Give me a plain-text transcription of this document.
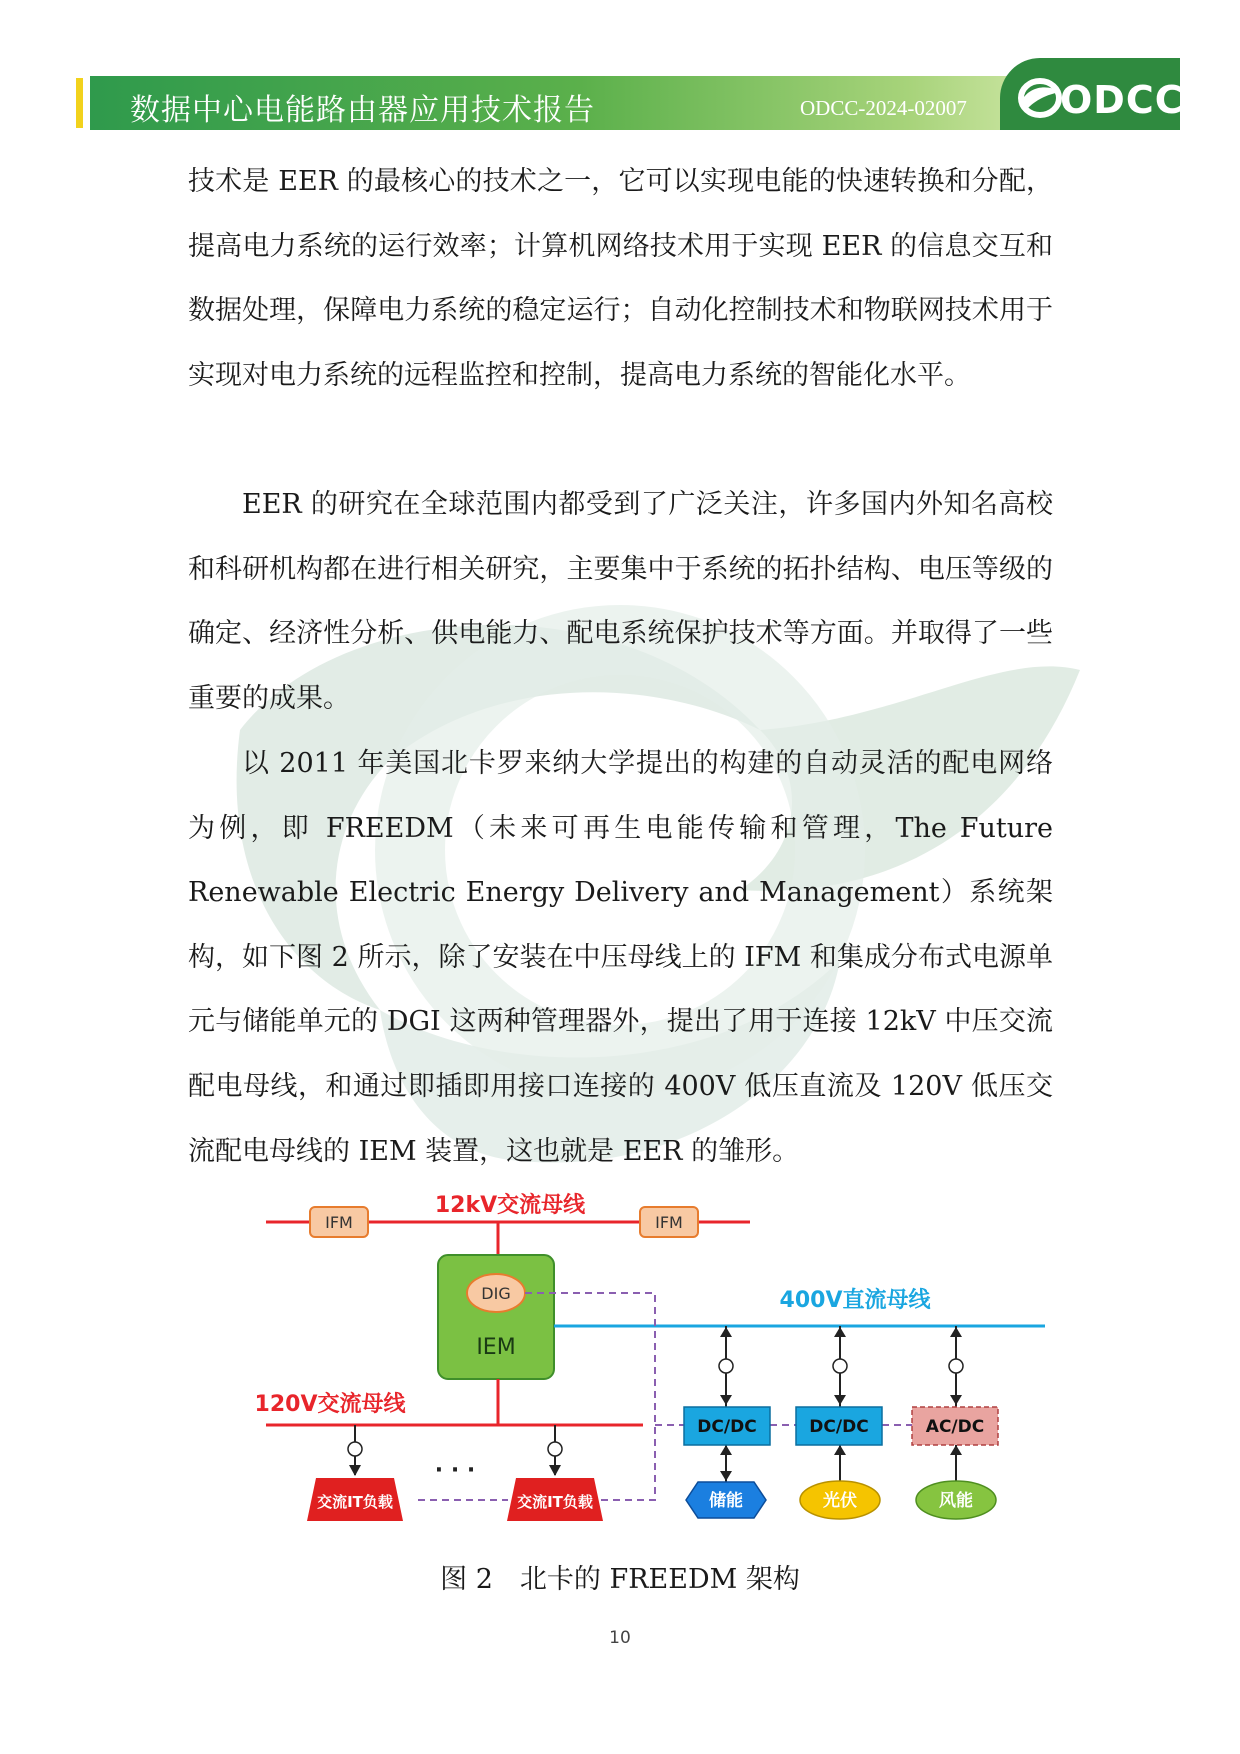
数据中心电能路由器应用技术报告	ODCC-2024-02007 ODCC

技术是 EER 的最核心的技术之一，它可以实现电能的快速转换和分配，提高电力系统的运行效率；计算机网络技术用于实现 EER 的信息交互和数据处理，保障电力系统的稳定运行；自动化控制技术和物联网技术用于实现对电力系统的远程监控和控制，提高电力系统的智能化水平。

EER 的研究在全球范围内都受到了广泛关注，许多国内外知名高校和科研机构都在进行相关研究，主要集中于系统的拓扑结构、电压等级的确定、经济性分析、供电能力、配电系统保护技术等方面。并取得了一些重要的成果。

以 2011 年美国北卡罗来纳大学提出的构建的自动灵活的配电网络为例，即 FREEDM（未来可再生电能传输和管理，The Future Renewable Electric Energy Delivery and Management）系统架构，如下图 2 所示，除了安装在中压母线上的 IFM 和集成分布式电源单元与储能单元的 DGI 这两种管理器外，提出了用于连接 12kV 中压交流配电母线，和通过即插即用接口连接的 400V 低压直流及 120V 低压交流配电母线的 IEM 装置，这也就是 EER 的雏形。

12kV交流母线
IFM	IFM
IEM
DIG	400V直流母线
120V交流母线
DC/DC	DC/DC	AC/DC
储能	光伏	风能
交流IT负载	交流IT负载
· · ·
图 2　北卡的 FREEDM 架构
10
